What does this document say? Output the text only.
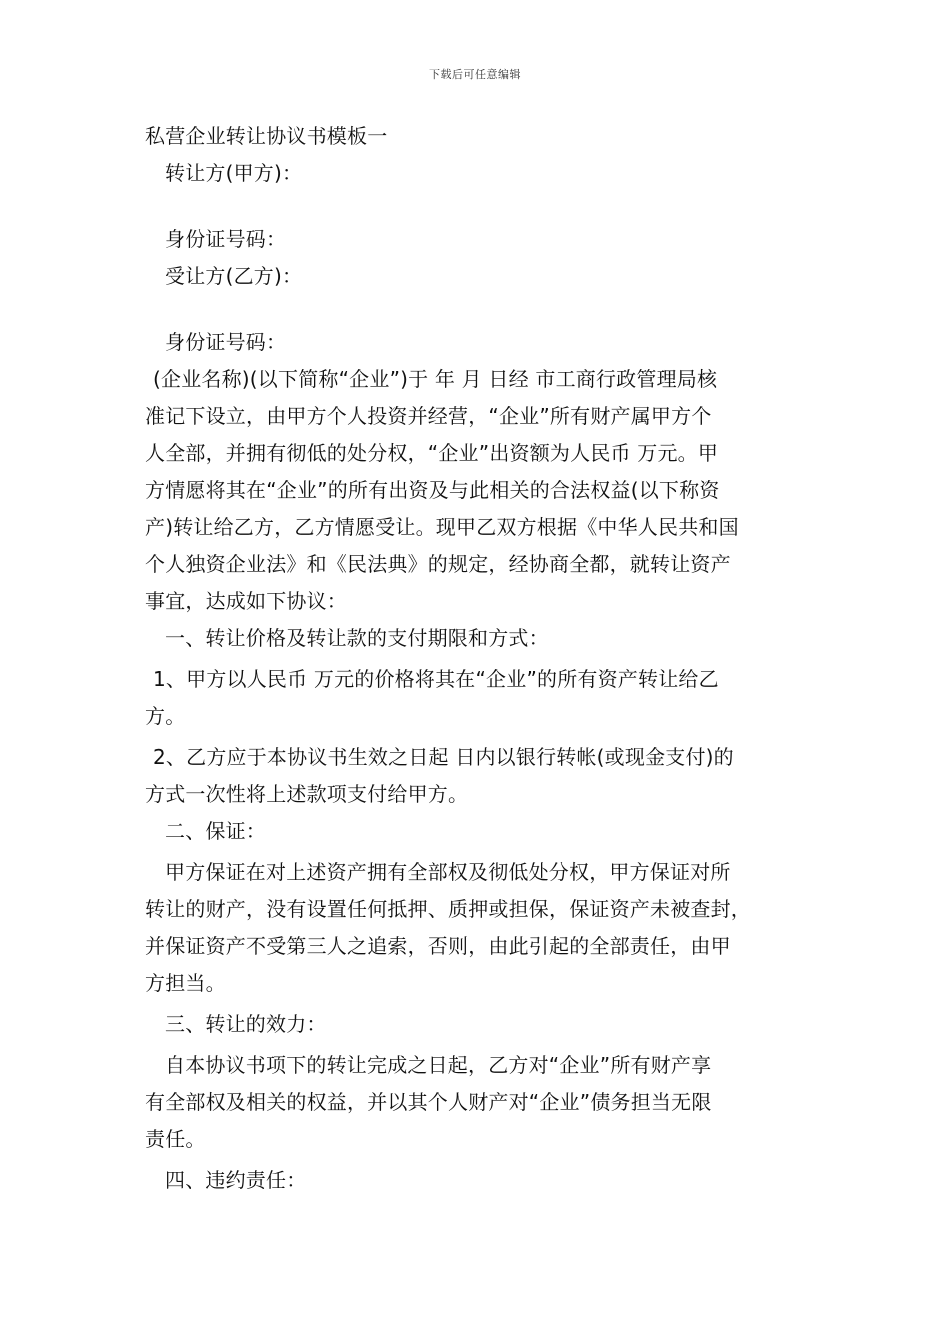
下载后可任意编辑
私营企业转让协议书模板一
转让方(甲方)：
身份证号码：
受让方(乙方)：
身份证号码：
(企业名称)(以下简称“企业”)于 年 月 日经 市工商行政管理局核
准记下设立，由甲方个人投资并经营，“企业”所有财产属甲方个
人全部，并拥有彻低的处分权，“企业”出资额为人民币 万元。甲
方情愿将其在“企业”的所有出资及与此相关的合法权益(以下称资
产)转让给乙方，乙方情愿受让。现甲乙双方根据《中华人民共和国
个人独资企业法》和《民法典》的规定，经协商全都，就转让资产
事宜，达成如下协议：
一、转让价格及转让款的支付期限和方式：
1、甲方以人民币 万元的价格将其在“企业”的所有资产转让给乙
方。
2、乙方应于本协议书生效之日起 日内以银行转帐(或现金支付)的
方式一次性将上述款项支付给甲方。
二、保证：
甲方保证在对上述资产拥有全部权及彻低处分权，甲方保证对所
转让的财产，没有设置任何抵押、质押或担保，保证资产未被查封，
并保证资产不受第三人之追索，否则，由此引起的全部责任，由甲
方担当。
三、转让的效力：
自本协议书项下的转让完成之日起，乙方对“企业”所有财产享
有全部权及相关的权益，并以其个人财产对“企业”债务担当无限
责任。
四、违约责任：
